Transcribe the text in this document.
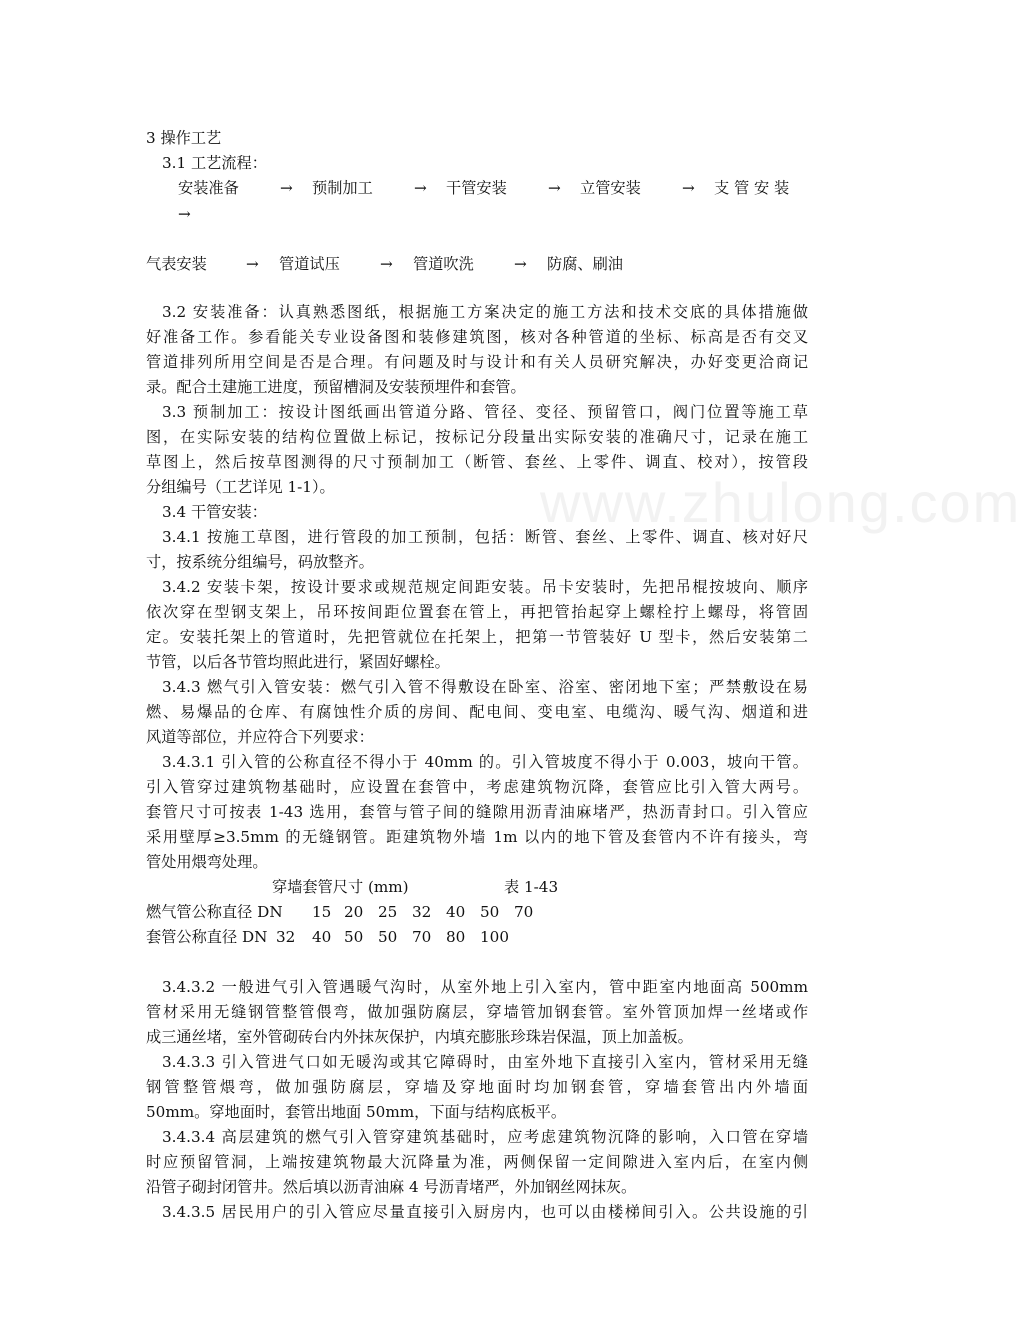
www.zhulong.com
3 操作工艺
3.1 工艺流程：
安装准备	→ 预制加工	→ 干管安装	→ 立管安装	→ 支 管 安 装
→
气表安装	→ 管道试压	→ 管道吹洗	→ 防腐、刷油
3.2 安装准备：认真熟悉图纸，根据施工方案决定的施工方法和技术交底的具体措施做
好准备工作。参看能关专业设备图和装修建筑图，核对各种管道的坐标、标高是否有交叉
管道排列所用空间是否是合理。有问题及时与设计和有关人员研究解决，办好变更洽商记
录。配合土建施工进度，预留槽洞及安装预埋件和套管。
3.3 预制加工：按设计图纸画出管道分路、管径、变径、预留管口，阀门位置等施工草
图，在实际安装的结构位置做上标记，按标记分段量出实际安装的准确尺寸，记录在施工
草图上，然后按草图测得的尺寸预制加工（断管、套丝、上零件、调直、校对），按管段
分组编号（工艺详见 1-1）。
3.4 干管安装：
3.4.1 按施工草图，进行管段的加工预制，包括：断管、套丝、上零件、调直、核对好尺
寸，按系统分组编号，码放整齐。
3.4.2 安装卡架，按设计要求或规范规定间距安装。吊卡安装时，先把吊棍按坡向、顺序
依次穿在型钢支架上，吊环按间距位置套在管上，再把管抬起穿上螺栓拧上螺母，将管固
定。安装托架上的管道时，先把管就位在托架上，把第一节管装好 U 型卡，然后安装第二
节管，以后各节管均照此进行，紧固好螺栓。
3.4.3 燃气引入管安装：燃气引入管不得敷设在卧室、浴室、密闭地下室；严禁敷设在易
燃、易爆品的仓库、有腐蚀性介质的房间、配电间、变电室、电缆沟、暖气沟、烟道和进
风道等部位，并应符合下列要求：
3.4.3.1 引入管的公称直径不得小于 40mm 的。引入管坡度不得小于 0.003，坡向干管。
引入管穿过建筑物基础时，应设置在套管中，考虑建筑物沉降，套管应比引入管大两号。
套管尺寸可按表 1-43 选用，套管与管子间的缝隙用沥青油麻堵严，热沥青封口。引入管应
采用壁厚≥3.5mm 的无缝钢管。距建筑物外墙 1m 以内的地下管及套管内不许有接头，弯
管处用煨弯处理。
穿墙套管尺寸 (mm)	表 1-43
燃气管公称直径 DN 15 20 25 32 40 50 70
套管公称直径 DN 32 40 50 50 70 80 100
3.4.3.2 一般进气引入管遇暖气沟时，从室外地上引入室内，管中距室内地面高 500mm
管材采用无缝钢管整管偎弯，做加强防腐层，穿墙管加钢套管。室外管顶加焊一丝堵或作
成三通丝堵，室外管砌砖台内外抹灰保护，内填充膨胀珍珠岩保温，顶上加盖板。
3.4.3.3 引入管进气口如无暖沟或其它障碍时，由室外地下直接引入室内，管材采用无缝
钢管整管煨弯，做加强防腐层，穿墙及穿地面时均加钢套管，穿墙套管出内外墙面
50mm。穿地面时，套管出地面 50mm，下面与结构底板平。
3.4.3.4 高层建筑的燃气引入管穿建筑基础时，应考虑建筑物沉降的影响，入口管在穿墙
时应预留管洞，上端按建筑物最大沉降量为准，两侧保留一定间隙进入室内后，在室内侧
沿管子砌封闭管井。然后填以沥青油麻 4 号沥青堵严，外加钢丝网抹灰。
3.4.3.5 居民用户的引入管应尽量直接引入厨房内，也可以由楼梯间引入。公共设施的引
